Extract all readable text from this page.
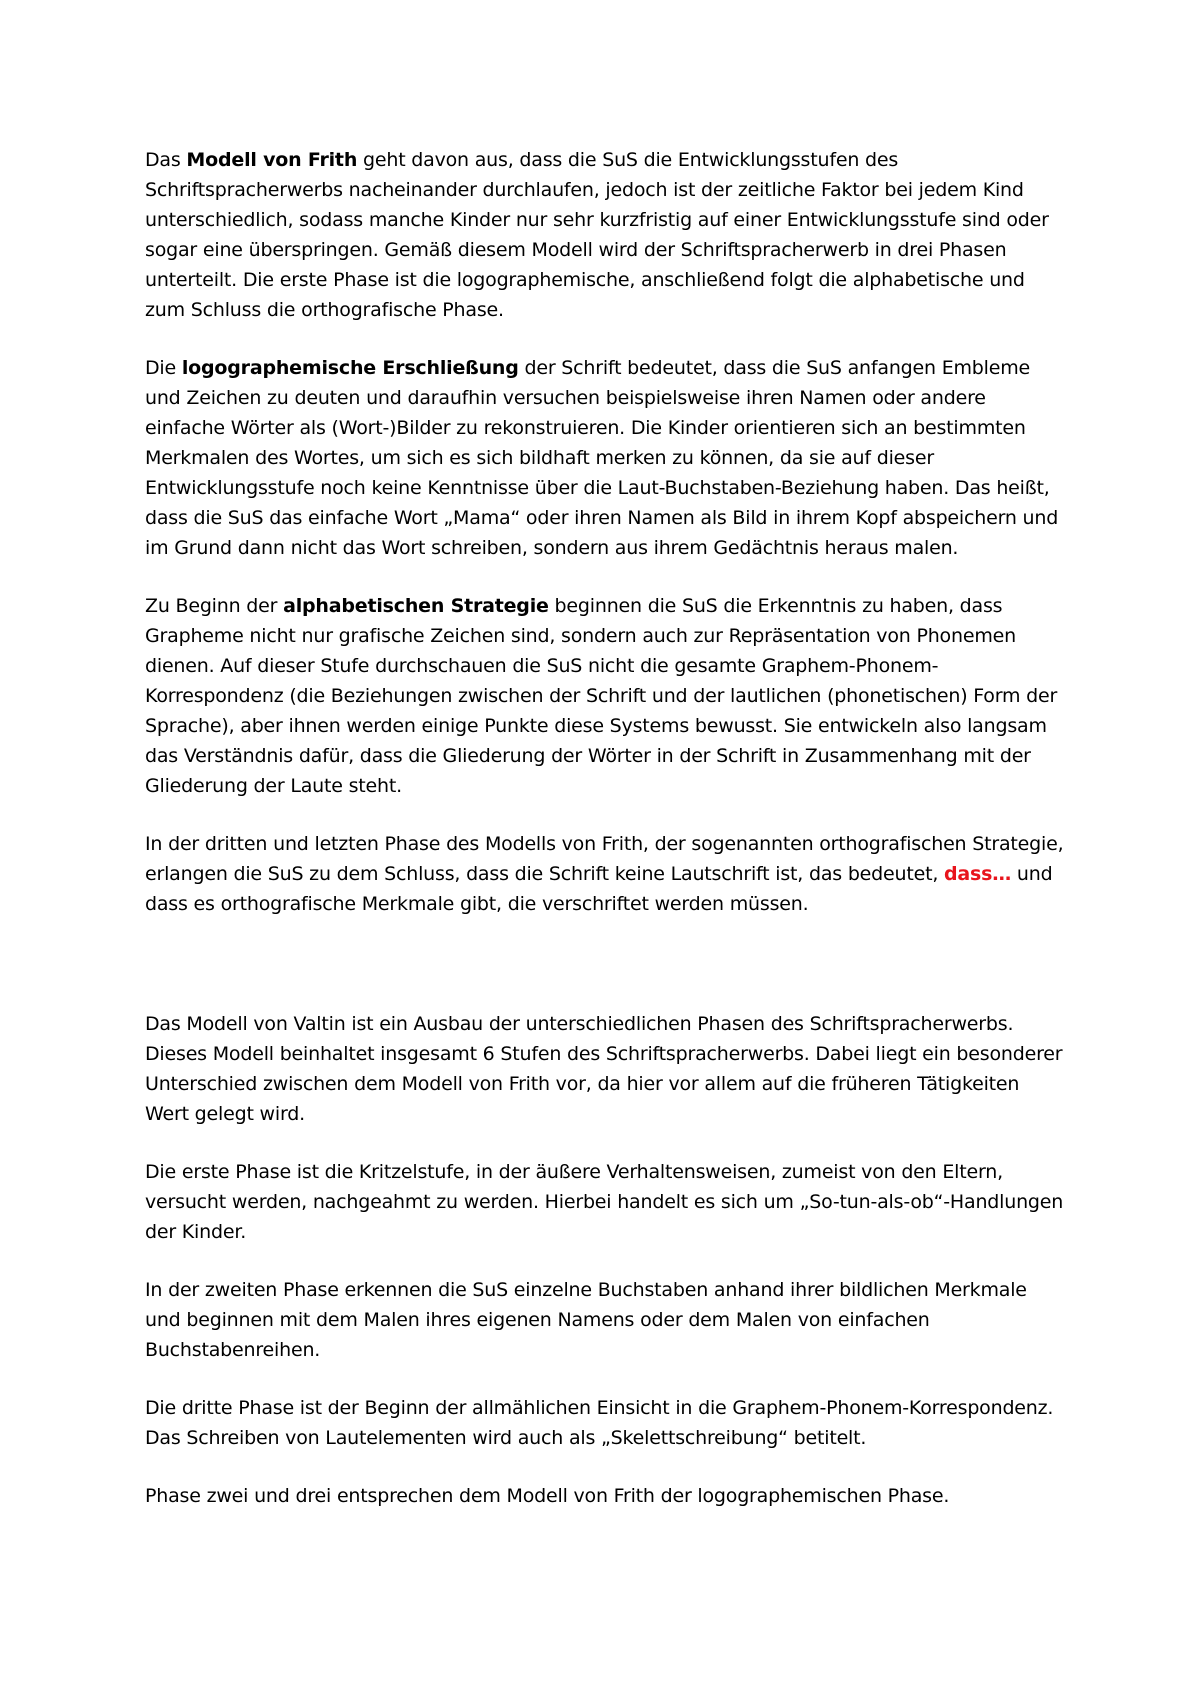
Das Modell von Frith geht davon aus, dass die SuS die Entwicklungsstufen des Schriftspracherwerbs nacheinander durchlaufen, jedoch ist der zeitliche Faktor bei jedem Kind unterschiedlich, sodass manche Kinder nur sehr kurzfristig auf einer Entwicklungsstufe sind oder sogar eine überspringen. Gemäß diesem Modell wird der Schriftspracherwerb in drei Phasen unterteilt. Die erste Phase ist die logographemische, anschließend folgt die alphabetische und zum Schluss die orthografische Phase.

Die logographemische Erschließung der Schrift bedeutet, dass die SuS anfangen Embleme und Zeichen zu deuten und daraufhin versuchen beispielsweise ihren Namen oder andere einfache Wörter als (Wort-)Bilder zu rekonstruieren. Die Kinder orientieren sich an bestimmten Merkmalen des Wortes, um sich es sich bildhaft merken zu können, da sie auf dieser Entwicklungsstufe noch keine Kenntnisse über die Laut-Buchstaben-Beziehung haben. Das heißt, dass die SuS das einfache Wort „Mama“ oder ihren Namen als Bild in ihrem Kopf abspeichern und im Grund dann nicht das Wort schreiben, sondern aus ihrem Gedächtnis heraus malen.

Zu Beginn der alphabetischen Strategie beginnen die SuS die Erkenntnis zu haben, dass Grapheme nicht nur grafische Zeichen sind, sondern auch zur Repräsentation von Phonemen dienen. Auf dieser Stufe durchschauen die SuS nicht die gesamte Graphem-Phonem-Korrespondenz (die Beziehungen zwischen der Schrift und der lautlichen (phonetischen) Form der Sprache), aber ihnen werden einige Punkte diese Systems bewusst. Sie entwickeln also langsam das Verständnis dafür, dass die Gliederung der Wörter in der Schrift in Zusammenhang mit der Gliederung der Laute steht.

In der dritten und letzten Phase des Modells von Frith, der sogenannten orthografischen Strategie, erlangen die SuS zu dem Schluss, dass die Schrift keine Lautschrift ist, das bedeutet, dass… und dass es orthografische Merkmale gibt, die verschriftet werden müssen.

Das Modell von Valtin ist ein Ausbau der unterschiedlichen Phasen des Schriftspracherwerbs. Dieses Modell beinhaltet insgesamt 6 Stufen des Schriftspracherwerbs. Dabei liegt ein besonderer Unterschied zwischen dem Modell von Frith vor, da hier vor allem auf die früheren Tätigkeiten Wert gelegt wird.

Die erste Phase ist die Kritzelstufe, in der äußere Verhaltensweisen, zumeist von den Eltern, versucht werden, nachgeahmt zu werden. Hierbei handelt es sich um „So-tun-als-ob“-Handlungen der Kinder.

In der zweiten Phase erkennen die SuS einzelne Buchstaben anhand ihrer bildlichen Merkmale und beginnen mit dem Malen ihres eigenen Namens oder dem Malen von einfachen Buchstabenreihen.

Die dritte Phase ist der Beginn der allmählichen Einsicht in die Graphem-Phonem-Korrespondenz. Das Schreiben von Lautelementen wird auch als „Skelettschreibung“ betitelt.

Phase zwei und drei entsprechen dem Modell von Frith der logographemischen Phase.
